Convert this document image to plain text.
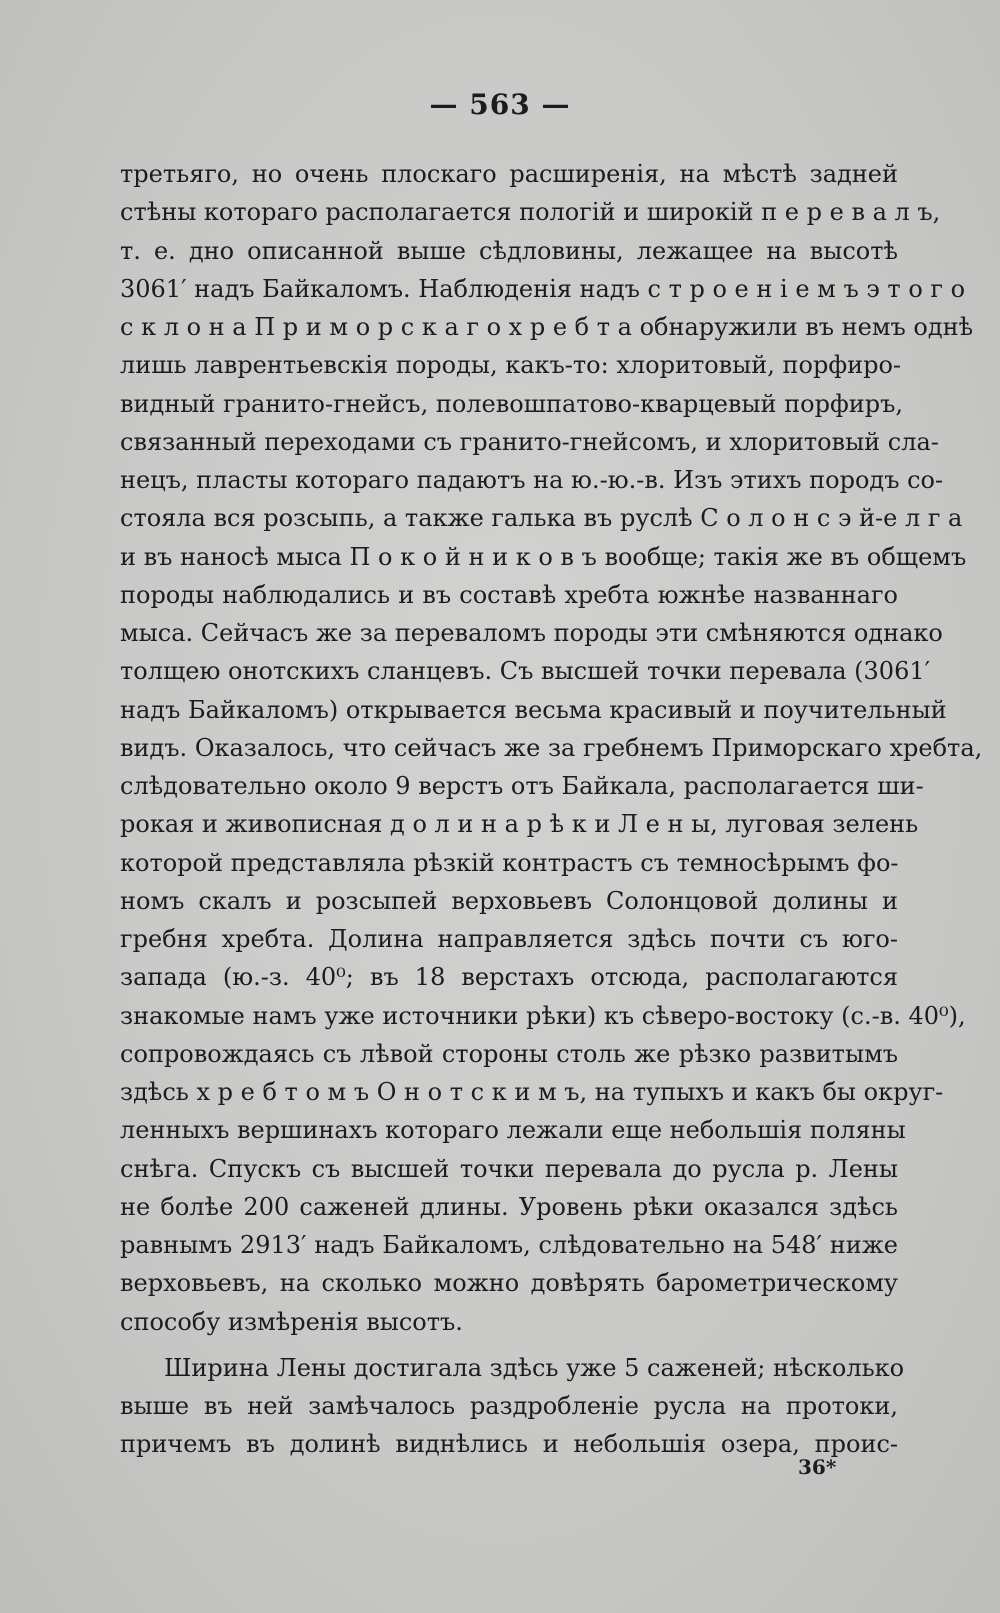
— 563 —
третьяго, но очень плоскаго расширенія, на мѣстѣ задней
стѣны котораго располагается пологій и широкій п е р е в а л ъ,
т. е. дно описанной выше сѣдловины, лежащее на высотѣ
3061′ надъ Байкаломъ. Наблюденія надъ с т р о е н і е м ъ э т о г о
с к л о н а П р и м о р с к а г о х р е б т а обнаружили въ немъ однѣ
лишь лаврентьевскія породы, какъ-то: хлоритовый, порфиро-
видный гранито-гнейсъ, полевошпатово-кварцевый порфиръ,
связанный переходами съ гранито-гнейсомъ, и хлоритовый сла-
нецъ, пласты котораго падаютъ на ю.-ю.-в. Изъ этихъ породъ со-
стояла вся розсыпь, а также галька въ руслѣ С о л о н с э й-е л г а
и въ наносѣ мыса П о к о й н и к о в ъ вообще; такія же въ общемъ
породы наблюдались и въ составѣ хребта южнѣе названнаго
мыса. Сейчасъ же за переваломъ породы эти смѣняются однако
толщею онотскихъ сланцевъ. Съ высшей точки перевала (3061′
надъ Байкаломъ) открывается весьма красивый и поучительный
видъ. Оказалось, что сейчасъ же за гребнемъ Приморскаго хребта,
слѣдовательно около 9 верстъ отъ Байкала, располагается ши-
рокая и живописная д о л и н а р ѣ к и Л е н ы, луговая зелень
которой представляла рѣзкій контрастъ съ темносѣрымъ фо-
номъ скалъ и розсыпей верховьевъ Солонцовой долины и
гребня хребта. Долина направляется здѣсь почти съ юго-
запада (ю.-з. 40⁰; въ 18 верстахъ отсюда, располагаются
знакомые намъ уже источники рѣки) къ сѣверо-востоку (с.-в. 40⁰),
сопровождаясь съ лѣвой стороны столь же рѣзко развитымъ
здѣсь х р е б т о м ъ О н о т с к и м ъ, на тупыхъ и какъ бы округ-
ленныхъ вершинахъ котораго лежали еще небольшія поляны
снѣга. Спускъ съ высшей точки перевала до русла р. Лены
не болѣе 200 саженей длины. Уровень рѣки оказался здѣсь
равнымъ 2913′ надъ Байкаломъ, слѣдовательно на 548′ ниже
верховьевъ, на сколько можно довѣрять барометрическому
способу измѣренія высотъ.
Ширина Лены достигала здѣсь уже 5 саженей; нѣсколько
выше въ ней замѣчалось раздробленіе русла на протоки,
причемъ въ долинѣ виднѣлись и небольшія озера, проис-
36*
